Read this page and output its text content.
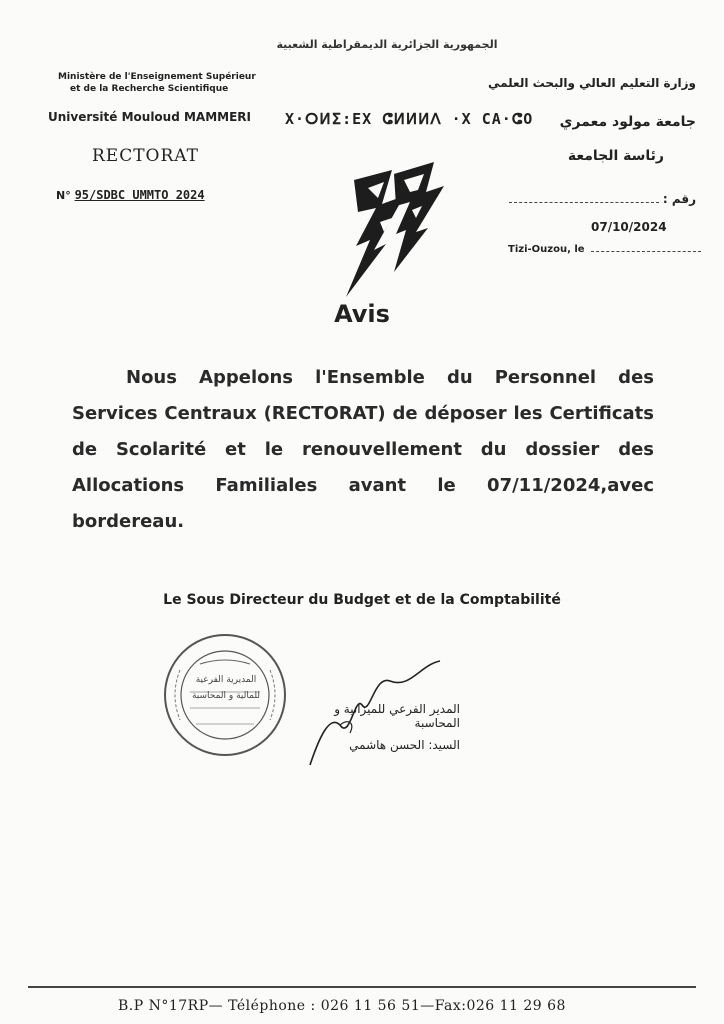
الجمهورية الجزائرية الديمقراطية الشعبية
Ministère de l'Enseignement Supérieur
et de la Recherche Scientifique
Université Mouloud MAMMERI X·ⵔⵍⵉ:EX ⵛⵍⵍⵍⴷ ·X CA·ⵛO
وزارة التعليم العالي والبحث العلمي
جامعة مولود معمري
رئاسة الجامعة
RECTORAT
N° 95/SDBC UMMTO 2024	رقم :
07/10/2024
Tizi-Ouzou, le
Avis
Nous Appelons l'Ensemble du Personnel des Services Centraux (RECTORAT) de déposer les Certificats de Scolarité et le renouvellement du dossier des Allocations Familiales avant le 07/11/2024,avec bordereau.
Le Sous Directeur du Budget et de la Comptabilité
المديرية الفرعية للمالية و المحاسبة
المدير الفرعي للميزانية و المحاسبة
السيد: الحسن هاشمي
B.P N°17RP— Téléphone : 026 11 56 51—Fax:026 11 29 68
